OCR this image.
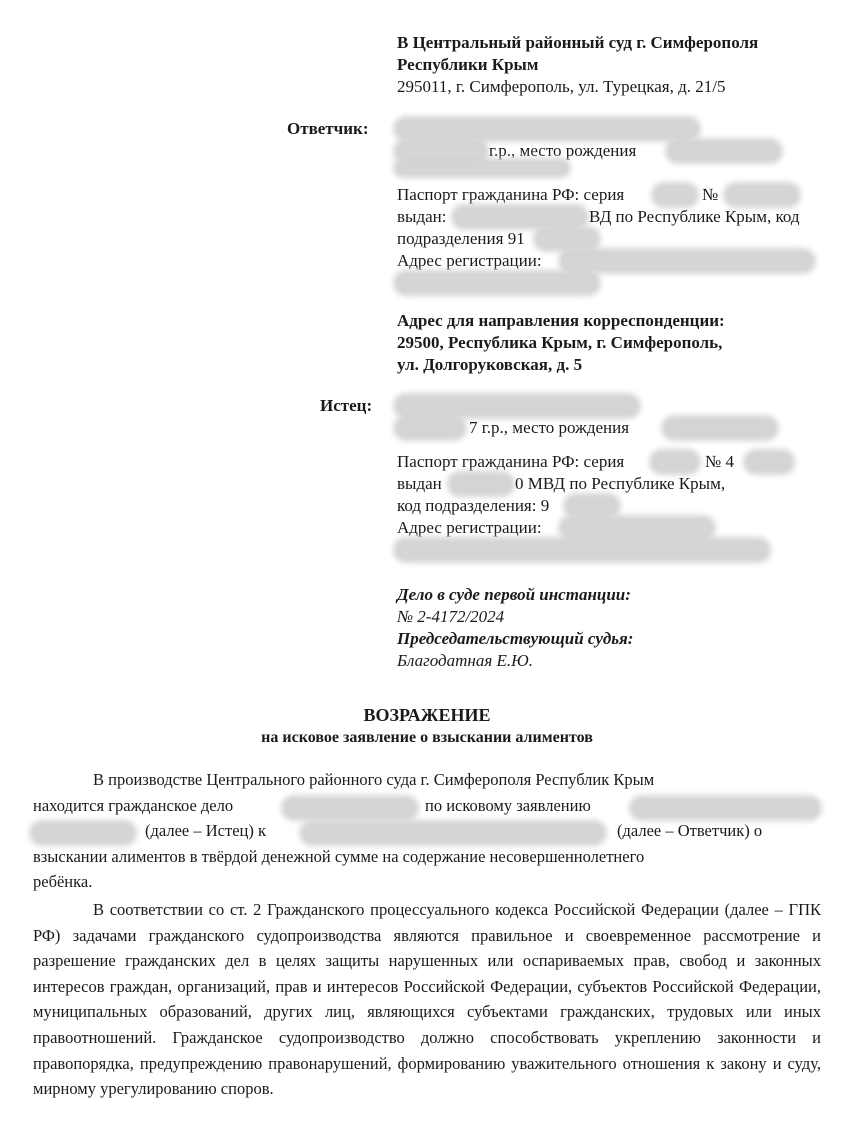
В Центральный районный суд г. Симферополя
Республики Крым
295011, г. Симферополь, ул. Турецкая, д. 21/5
Ответчик:
г.р., место рождения
Паспорт гражданина РФ: серия	№
выдан:	ВД по Республике Крым, код
подразделения 91
Адрес регистрации:
Адрес для направления корреспонденции:
29500, Республика Крым, г. Симферополь,
ул. Долгоруковская, д. 5
Истец:
7 г.р., место рождения
Паспорт гражданина РФ: серия	№ 4
выдан	0 МВД по Республике Крым,
код подразделения: 9
Адрес регистрации:
Дело в суде первой инстанции:
№ 2-4172/2024
Председательствующий судья:
Благодатная Е.Ю.
ВОЗРАЖЕНИЕ
на исковое заявление о взыскании алиментов
В производстве Центрального районного суда г. Симферополя Республик Крым
находится гражданское дело	по исковому заявлению
(далее – Истец) к	(далее – Ответчик) о
взыскании алиментов в твёрдой денежной сумме на содержание несовершеннолетнего
ребёнка.
В соответствии со ст. 2 Гражданского процессуального кодекса Российской Федерации (далее – ГПК РФ) задачами гражданского судопроизводства являются правильное и своевременное рассмотрение и разрешение гражданских дел в целях защиты нарушенных или оспариваемых прав, свобод и законных интересов граждан, организаций, прав и интересов Российской Федерации, субъектов Российской Федерации, муниципальных образований, других лиц, являющихся субъектами гражданских, трудовых или иных правоотношений. Гражданское судопроизводство должно способствовать укреплению законности и правопорядка, предупреждению правонарушений, формированию уважительного отношения к закону и суду, мирному урегулированию споров.
